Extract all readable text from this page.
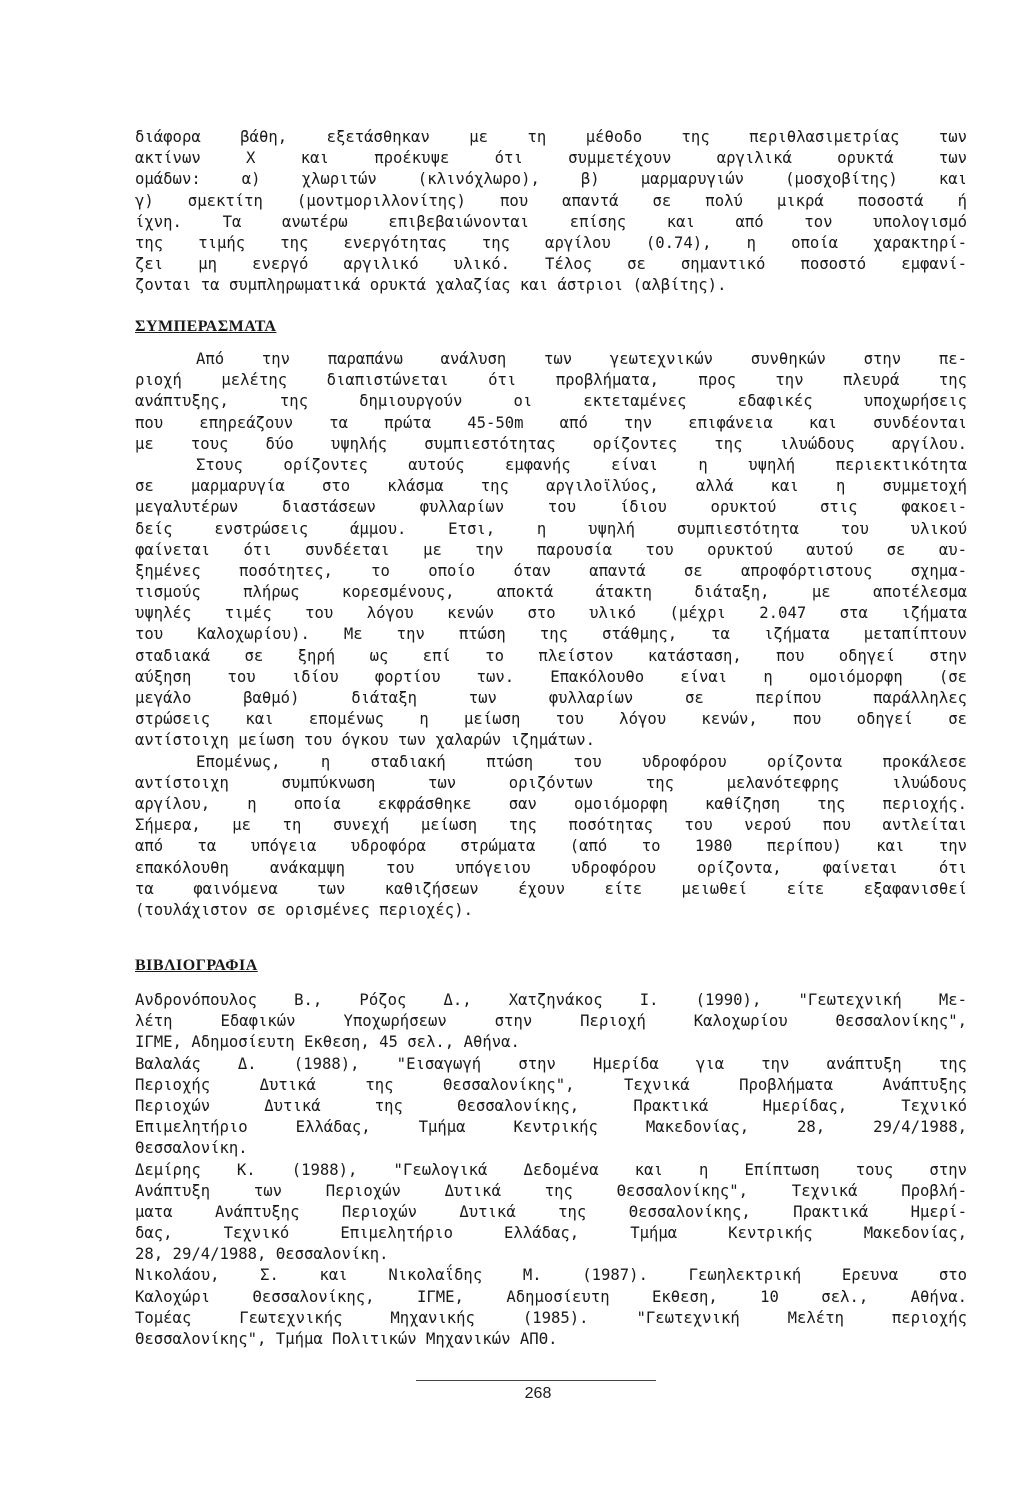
διάφορα βάθη, εξετάσθηκαν με τη μέθοδο της περιθλασιμετρίας των
ακτίνων X και προέκυψε ότι συμμετέχουν αργιλικά ορυκτά των
ομάδων: α) χλωριτών (κλινόχλωρο), β) μαρμαρυγιών (μοσχοβίτης) και
γ) σμεκτίτη (μοντμοριλλονίτης) που απαντά σε πολύ μικρά ποσοστά ή
ίχνη. Τα ανωτέρω επιβεβαιώνονται επίσης και από τον υπολογισμό
της τιμής της ενεργότητας της αργίλου (0.74), η οποία χαρακτηρί-
ζει μη ενεργό αργιλικό υλικό. Τέλος σε σημαντικό ποσοστό εμφανί-
ζονται τα συμπληρωματικά ορυκτά χαλαζίας και άστριοι (αλβίτης).
ΣΥΜΠΕΡΑΣΜΑΤΑ
Από την παραπάνω ανάλυση των γεωτεχνικών συνθηκών στην πε-
ριοχή μελέτης διαπιστώνεται ότι προβλήματα, προς την πλευρά της
ανάπτυξης, της δημιουργούν οι εκτεταμένες εδαφικές υποχωρήσεις
που επηρεάζουν τα πρώτα 45-50m από την επιφάνεια και συνδέονται
με τους δύο υψηλής συμπιεστότητας ορίζοντες της ιλυώδους αργίλου.
Στους ορίζοντες αυτούς εμφανής είναι η υψηλή περιεκτικότητα
σε μαρμαρυγία στο κλάσμα της αργιλοϊλύος, αλλά και η συμμετοχή
μεγαλυτέρων διαστάσεων φυλλαρίων του ίδιου ορυκτού στις φακοει-
δείς ενστρώσεις άμμου. Ετσι, η υψηλή συμπιεστότητα του υλικού
φαίνεται ότι συνδέεται με την παρουσία του ορυκτού αυτού σε αυ-
ξημένες ποσότητες, το οποίο όταν απαντά σε απροφόρτιστους σχημα-
τισμούς πλήρως κορεσμένους, αποκτά άτακτη διάταξη, με αποτέλεσμα
υψηλές τιμές του λόγου κενών στο υλικό (μέχρι 2.047 στα ιζήματα
του Καλοχωρίου). Με την πτώση της στάθμης, τα ιζήματα μεταπίπτουν
σταδιακά σε ξηρή ως επί το πλείστον κατάσταση, που οδηγεί στην
αύξηση του ιδίου φορτίου των. Επακόλουθο είναι η ομοιόμορφη (σε
μεγάλο βαθμό) διάταξη των φυλλαρίων σε περίπου παράλληλες
στρώσεις και επομένως η μείωση του λόγου κενών, που οδηγεί σε
αντίστοιχη μείωση του όγκου των χαλαρών ιζημάτων.
Επομένως, η σταδιακή πτώση του υδροφόρου ορίζοντα προκάλεσε
αντίστοιχη συμπύκνωση των οριζόντων της μελανότεφρης ιλυώδους
αργίλου, η οποία εκφράσθηκε σαν ομοιόμορφη καθίζηση της περιοχής.
Σήμερα, με τη συνεχή μείωση της ποσότητας του νερού που αντλείται
από τα υπόγεια υδροφόρα στρώματα (από το 1980 περίπου) και την
επακόλουθη ανάκαμψη του υπόγειου υδροφόρου ορίζοντα, φαίνεται ότι
τα φαινόμενα των καθιζήσεων έχουν είτε μειωθεί είτε εξαφανισθεί
(τουλάχιστον σε ορισμένες περιοχές).
ΒΙΒΛΙΟΓΡΑΦΙΑ
Ανδρονόπουλος Β., Ρόζος Δ., Χατζηνάκος Ι. (1990), "Γεωτεχνική Με-
λέτη Εδαφικών Υποχωρήσεων στην Περιοχή Καλοχωρίου Θεσσαλονίκης",
ΙΓΜΕ, Αδημοσίευτη Εκθεση, 45 σελ., Αθήνα.
Βαλαλάς Δ. (1988), "Εισαγωγή στην Ημερίδα για την ανάπτυξη της
Περιοχής Δυτικά της Θεσσαλονίκης", Τεχνικά Προβλήματα Ανάπτυξης
Περιοχών Δυτικά της Θεσσαλονίκης, Πρακτικά Ημερίδας, Τεχνικό
Επιμελητήριο Ελλάδας, Τμήμα Κεντρικής Μακεδονίας, 28, 29/4/1988,
Θεσσαλονίκη.
Δεμίρης Κ. (1988), "Γεωλογικά Δεδομένα και η Επίπτωση τους στην
Ανάπτυξη των Περιοχών Δυτικά της Θεσσαλονίκης", Τεχνικά Προβλή-
ματα Ανάπτυξης Περιοχών Δυτικά της Θεσσαλονίκης, Πρακτικά Ημερί-
δας, Τεχνικό Επιμελητήριο Ελλάδας, Τμήμα Κεντρικής Μακεδονίας,
28, 29/4/1988, Θεσσαλονίκη.
Νικολάου, Σ. και Νικολαΐδης Μ. (1987). Γεωηλεκτρική Ερευνα στο
Καλοχώρι Θεσσαλονίκης, ΙΓΜΕ, Αδημοσίευτη Εκθεση, 10 σελ., Αθήνα.
Τομέας Γεωτεχνικής Μηχανικής (1985). "Γεωτεχνική Μελέτη περιοχής
Θεσσαλονίκης", Τμήμα Πολιτικών Μηχανικών ΑΠΘ.
268
